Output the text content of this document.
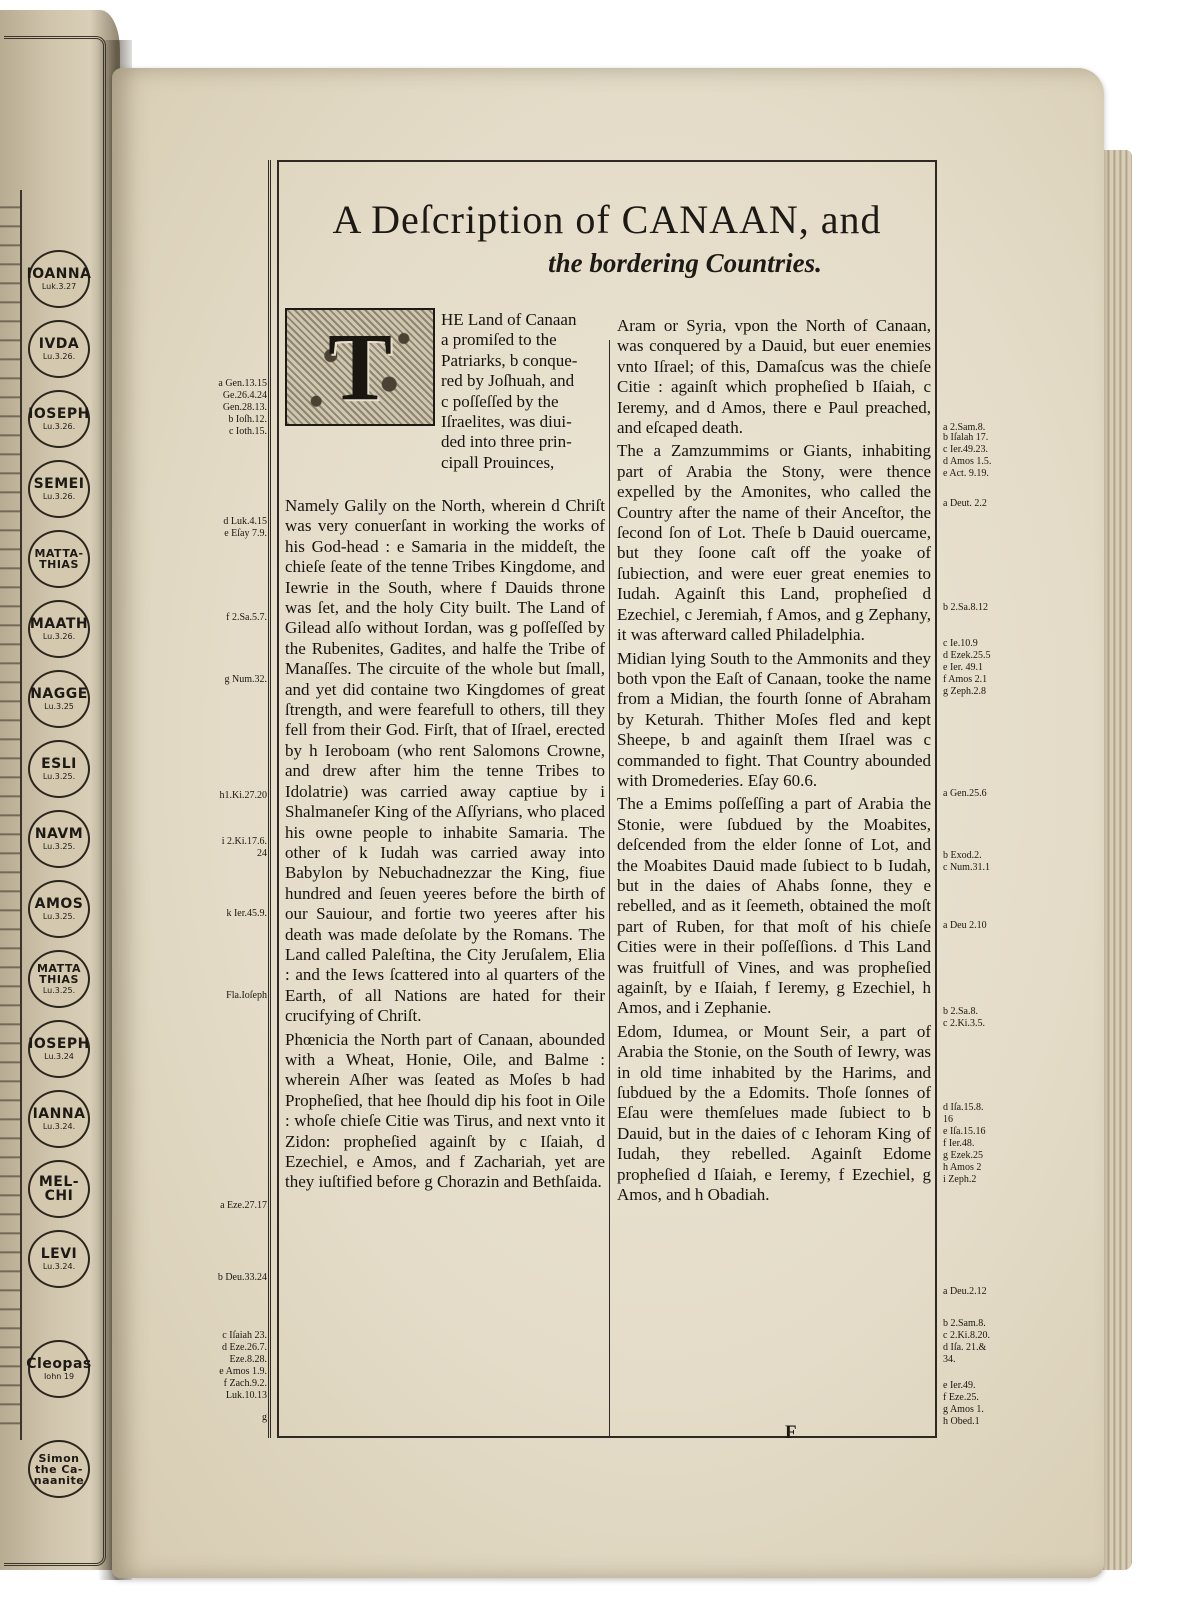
IOANNA
Luk.3.27
IVDA
Lu.3.26.
IOSEPH
Lu.3.26.
SEMEI
Lu.3.26.
MATTA-THIAS
MAATH
Lu.3.26.
NAGGE
Lu.3.25
ESLI
Lu.3.25.
NAVM
Lu.3.25.
AMOS
Lu.3.25.
MATTA THIAS
Lu.3.25.
IOSEPH
Lu.3.24
IANNA
Lu.3.24.
MEL-CHI
LEVI
Lu.3.24.
Cleopas
Iohn 19
Simon the Ca-naanite
A Deſcription of CANAAN, and
the bordering Countries.
T	HE Land of Canaan
a promiſed to the
Patriarks, b conque-
red by Joſhuah, and
c poſſeſſed by the
Iſraelites, was diui-
ded into three prin-
cipall Prouinces,

Namely Galily on the North, wherein d Chriſt was very conuerſant in working the works of his God-head : e Samaria in the middeſt, the chieſe ſeate of the tenne Tribes Kingdome, and Iewrie in the South, where f Dauids throne was ſet, and the holy City built. The Land of Gilead alſo without Iordan, was g poſſeſſed by the Rubenites, Gadites, and halfe the Tribe of Manaſſes. The circuite of the whole but ſmall, and yet did containe two Kingdomes of great ſtrength, and were fearefull to others, till they fell from their God. Firſt, that of Iſrael, erected by h Ieroboam (who rent Salomons Crowne, and drew after him the tenne Tribes to Idolatrie) was carried away captiue by i Shalmaneſer King of the Aſſyrians, who placed his owne people to inhabite Samaria. The other of k Iudah was carried away into Babylon by Nebuchadnezzar the King, fiue hundred and ſeuen yeeres before the birth of our Sauiour, and fortie two yeeres after his death was made deſolate by the Romans. The Land called Paleſtina, the City Jeruſalem, Elia : and the Iews ſcattered into al quarters of the Earth, of all Nations are hated for their crucifying of Chriſt.

Phœnicia the North part of Canaan, abounded with a Wheat, Honie, Oile, and Balme : wherein Aſher was ſeated as Moſes b had Propheſied, that hee ſhould dip his foot in Oile : whoſe chieſe Citie was Tirus, and next vnto it Zidon: propheſied againſt by c Iſaiah, d Ezechiel, e Amos, and f Zachariah, yet are they iuſtified before g Chorazin and Bethſaida.

Aram or Syria, vpon the North of Canaan, was conquered by a Dauid, but euer enemies vnto Iſrael; of this, Damaſcus was the chieſe Citie : againſt which propheſied b Iſaiah, c Ieremy, and d Amos, there e Paul preached, and eſcaped death.

The a Zamzummims or Giants, inhabiting part of Arabia the Stony, were thence expelled by the Amonites, who called the Country after the name of their Anceſtor, the ſecond ſon of Lot. Theſe b Dauid ouercame, but they ſoone caſt off the yoake of ſubiection, and were euer great enemies to Iudah. Againſt this Land, propheſied d Ezechiel, c Jeremiah, f Amos, and g Zephany, it was afterward called Philadelphia.

Midian lying South to the Ammonits and they both vpon the Eaſt of Canaan, tooke the name from a Midian, the fourth ſonne of Abraham by Keturah. Thither Moſes fled and kept Sheepe, b and againſt them Iſrael was c commanded to fight. That Country abounded with Dromederies. Eſay 60.6.

The a Emims poſſeſſing a part of Arabia the Stonie, were ſubdued by the Moabites, deſcended from the elder ſonne of Lot, and the Moabites Dauid made ſubiect to b Iudah, but in the daies of Ahabs ſonne, they e rebelled, and as it ſeemeth, obtained the moſt part of Ruben, for that moſt of his chieſe Cities were in their poſſeſſions. d This Land was fruitfull of Vines, and was propheſied againſt, by e Iſaiah, f Ieremy, g Ezechiel, h Amos, and i Zephanie.

Edom, Idumea, or Mount Seir, a part of Arabia the Stonie, on the South of Iewry, was in old time inhabited by the Harims, and ſubdued by the a Edomits. Thoſe ſonnes of Eſau were themſelues made ſubiect to b Dauid, but in the daies of c Iehoram King of Iudah, they rebelled. Againſt Edome propheſied d Iſaiah, e Ieremy, f Ezechiel, g Amos, and h Obadiah.

a Gen.13.15
Ge.26.4.24
Gen.28.13.
b Ioſh.12.
c Ioth.15.
d Luk.4.15
e Eſay 7.9.
f 2.Sa.5.7.
g Num.32.
h1.Ki.27.20
i 2.Ki.17.6.
24
k Ier.45.9.
Fla.Ioſeph
a Eze.27.17
b Deu.33.24
c Iſaiah 23.
d Eze.26.7.
Eze.8.28.
e Amos 1.9.
f Zach.9.2.
Luk.10.13
g
a 2.Sam.8.
b Iſalah 17.
c Ier.49.23.
d Amos 1.5.
e Act. 9.19.
a Deut. 2.2
b 2.Sa.8.12
c Ie.10.9
d Ezek.25.5
e Ier. 49.1
f Amos 2.1
g Zeph.2.8
a Gen.25.6
b Exod.2.
c Num.31.1
a Deu 2.10
b 2.Sa.8.
c 2.Ki.3.5.
d Iſa.15.8.
16
e Iſa.15.16
f Ier.48.
g Ezek.25
h Amos 2
i Zeph.2
a Deu.2.12
b 2.Sam.8.
c 2.Ki.8.20.
d Iſa. 21.&
34.
e Ier.49.
f Eze.25.
g Amos 1.
h Obed.1
F
